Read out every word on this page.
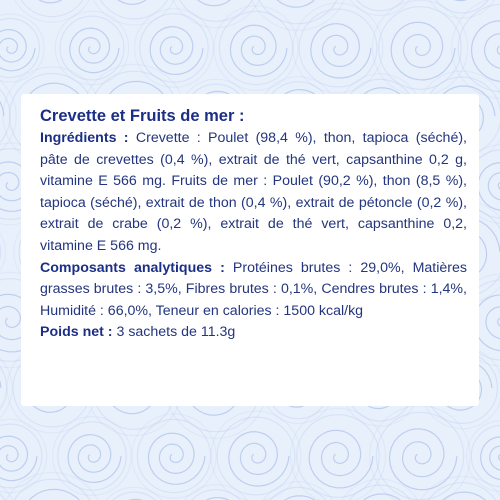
Crevette et Fruits de mer :

Ingrédients : Crevette : Poulet (98,4 %), thon, tapioca (séché), pâte de crevettes (0,4 %), extrait de thé vert, capsanthine 0,2 g, vitamine E 566 mg. Fruits de mer : Poulet (90,2 %), thon (8,5 %), tapioca (séché), extrait de thon (0,4 %), extrait de pétoncle (0,2 %), extrait de crabe (0,2 %), extrait de thé vert, capsanthine 0,2, vitamine E 566 mg.

Composants analytiques : Protéines brutes : 29,0%, Matières grasses brutes : 3,5%, Fibres brutes : 0,1%, Cendres brutes : 1,4%, Humidité : 66,0%, Teneur en calories : 1500 kcal/kg

Poids net : 3 sachets de 11.3g
